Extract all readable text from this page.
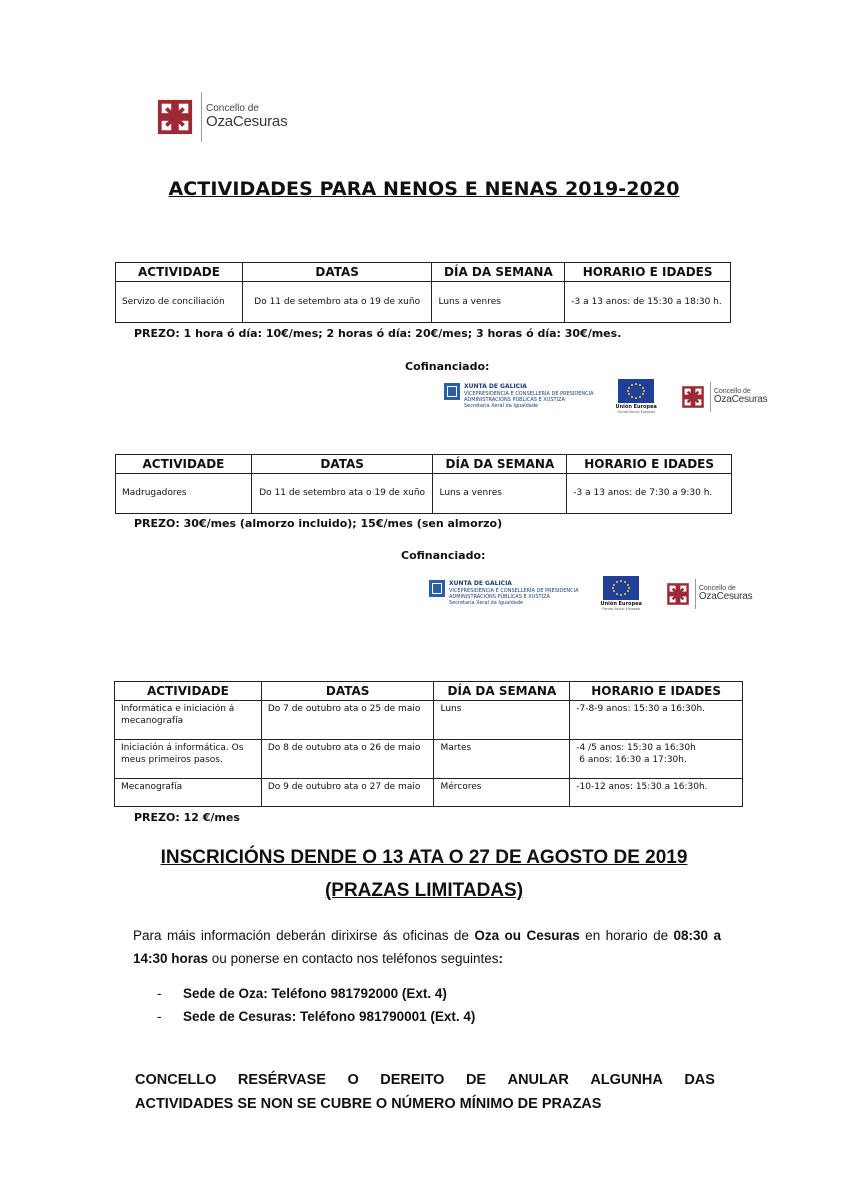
Concello de
OzaCesuras
ACTIVIDADES PARA NENOS E NENAS 2019-2020
ACTIVIDADE	DATAS	DÍA DA SEMANA	HORARIO E IDADES
Servizo de conciliación	Do 11 de setembro ata o 19 de xuño	Luns a venres	-3 a 13 anos: de 15:30 a 18:30 h.
PREZO: 1 hora ó día: 10€/mes; 2 horas ó día: 20€/mes; 3 horas ó día: 30€/mes.
Cofinanciado:
XUNTA DE GALICIA
VICEPRESIDENCIA E CONSELLERÍA DE PRESIDENCIA
ADMINISTRACIÓNS PÚBLICAS E XUSTIZA
Secretaría Xeral da Igualdade	Unión Europea
Fondo Social Europeo
Concello de
OzaCesuras
ACTIVIDADE	DATAS	DÍA DA SEMANA	HORARIO E IDADES
Madrugadores	Do 11 de setembro ata o 19 de xuño	Luns a venres	-3 a 13 anos: de 7:30 a 9:30 h.
PREZO: 30€/mes (almorzo incluido); 15€/mes (sen almorzo)
Cofinanciado:
XUNTA DE GALICIA
VICEPRESIDENCIA E CONSELLERÍA DE PRESIDENCIA
ADMINISTRACIÓNS PÚBLICAS E XUSTIZA
Secretaría Xeral da Igualdade	Unión Europea
Fondo Social Europeo
Concello de
OzaCesuras
ACTIVIDADE	DATAS	DÍA DA SEMANA	HORARIO E IDADES
Informática e iniciación á mecanografía	Do 7 de outubro ata o 25 de maio	Luns	-7-8-9 anos: 15:30 a 16:30h.

Iniciación á informática. Os meus primeiros pasos.	Do 8 de outubro ata o 26 de maio	Martes	-4 /5 anos: 15:30 a 16:30h
6 anos: 16:30 a 17:30h.

Mecanografía	Do 9 de outubro ata o 27 de maio	Mércores	-10-12 anos: 15:30 a 16:30h.
PREZO: 12 €/mes
INSCRICIÓNS DENDE O 13 ATA O 27 DE AGOSTO DE 2019
(PRAZAS LIMITADAS)
Para máis información deberán dirixirse ás oficinas de Oza ou Cesuras en horario de 08:30 a 14:30 horas ou ponerse en contacto nos teléfonos seguintes:
- Sede de Oza: Teléfono 981792000 (Ext. 4)
- Sede de Cesuras: Teléfono 981790001 (Ext. 4)
CONCELLO RESÉRVASE O DEREITO DE ANULAR ALGUNHA DAS
ACTIVIDADES SE NON SE CUBRE O NÚMERO MÍNIMO DE PRAZAS
